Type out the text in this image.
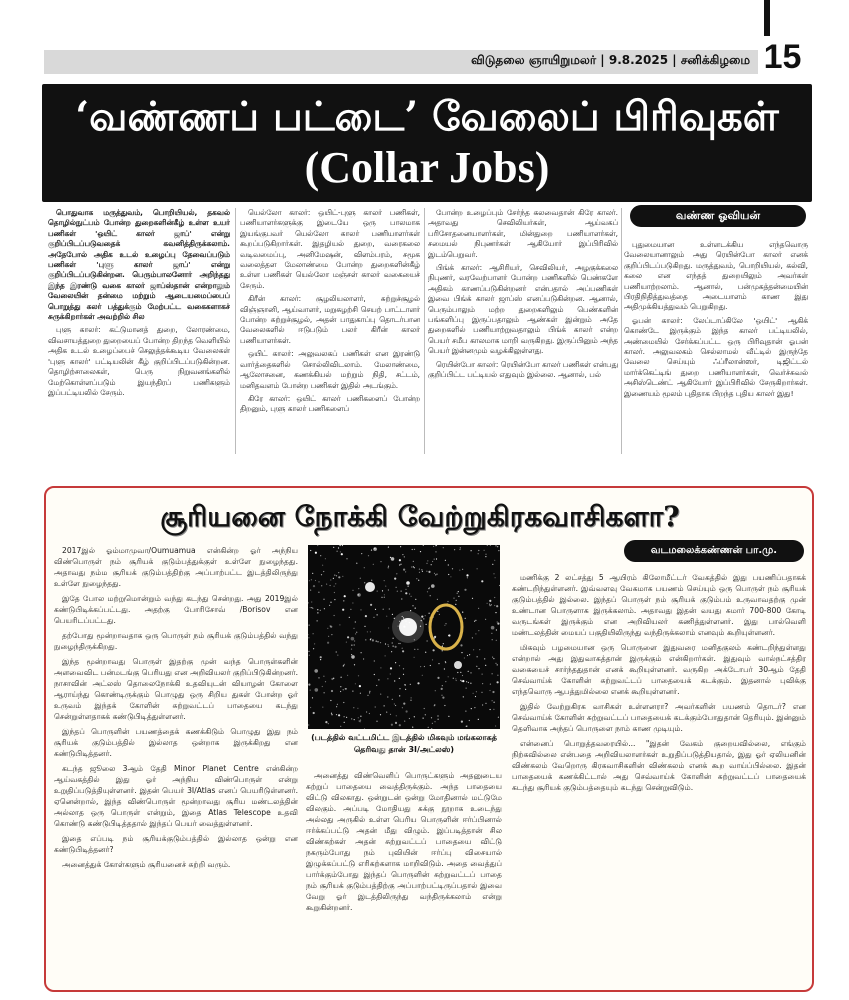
விடுதலை ஞாயிறுமலர் | 9.8.2025 | சனிக்கிழமை 15
‘வண்ணப் பட்டை’ வேலைப் பிரிவுகள்
(Collar Jobs)

பொதுவாக மருத்துவம், பொறியியல், தகவல் தொழில்நுட்பம் போன்ற துறைகளின்கீழ் உள்ள உயர் பணிகள் 'ஒயிட் காலர் ஜாப்' என்று குறிப்பிடப்படுவதைக் கவனித்திருக்கலாம். அதேபோல் அதிக உடல் உழைப்பு தேவைப்படும் பணிகள் 'புளு காலர் ஜாப்' என்று குறிப்பிடப்படுகின்றன. பெரும்பாலனோர் அறிந்தது இந்த இரண்டு வகை காலர் ஜாப்ஸ்தான் என்றாலும் வேலையின் தன்மை மற்றும் ஆடையமைப்பைப் பொறுத்து கலர் பத்துக்கும் மேற்பட்ட வகைகளாகச் சுருக்கிறார்கள் அவற்றில் சில

புளு காலர்: கட்டுமானத் துறை, லோரண்மை, விவசாயத்துறை துறையைப் போன்ற திறந்த வெளியில் அதிக உடல் உழைப்பைச் செலுத்தக்கூடிய வேலைகள் 'புளு காலர்' பட்டியலின் கீழ் குறிப்பிடப்படுகின்றன. தொழிற்சாலைகள், பெரு நிறுவனங்களில் மேற்கொள்ளப்படும் இயந்திரப் பணிகளும் இப்பட்டியலில் சேரும்.

யெல்லோ காலர்: ஒயிட்-புளு காலர் பணிகள், பணியாளர்களுக்கு இடையே ஒரு பாலமாக இயங்குபவர் யெல்லோ காலர் பணியாளர்கள் கூறப்படுகிறார்கள். இதழியல் துறை, வரைகலை வடிவமைப்பு, அனிமேஷன், விளம்பரம், சமூக வலைத்தள மேலாண்மை போன்ற துறைகளின்கீழ் உள்ள பணிகள் யெல்லோ மஞ்சள் காலர் வகையைச் சேரும்.

கிரீன் காலர்: சூழலியலாளர், சுற்றுச்சூழல் விஞ்ஞானி, ஆய்வாளர், மறுசுழற்சி செயற் பாட்டாளர் போன்ற சுற்றுச்சூழல், அதன் பாதுகாப்பு தொடர்பான வேலைகளில் ஈடுபடும் பலர் கிரீன் காலர் பணியாளர்கள்.

ஒயிட் காலர்: அலுவலகப் பணிகள் என இரண்டு வார்த்தைகளில் சொல்லிவிடலாம். மேலாண்மை, ஆலோசனை, கணக்கியல் மற்றும் நிதி, சட்டம், மனிதவளம் போன்ற பணிகள் இதில் அடங்கும்.

கிரே காலர்: ஒயிட் காலர் பணிகளைப் போன்ற திறனும், புளு காலர் பணிகளைப்

போன்ற உழைப்பும் சேர்ந்த கலவைதான் கிரே காலர். அதாவது செவிலியர்கள், ஆய்வகப் பரிசோதனையாளர்கள், மின்துறை பணியாளர்கள், சமையல் நிபுணர்கள் ஆகியோர் இப்பிரிவில் இடம்பெறுவர்.

பிங்க் காலர்: ஆசிரியர், செவிலியர், அழகுக்கலை நிபுணர், வரவேற்பாளர் போன்ற பணிகளில் பெண்களே அதிகம் காணப்படுகின்றனர் என்பதால் அப்பணிகள் இவை பிங்க் காலர் ஜாப்ஸ் எனப்படுகின்றன. ஆனால், பெரும்பாலும் மற்ற துறைகளிலும் பெண்களின் பங்களிப்பு இருப்பதாலும் ஆண்கள் இன்றும் அதே துறைகளில் பணியாற்றுவதாலும் பிங்க் காலர் என்ற பெயர் சமீப காலமாக மாறி வருகிறது. இருப்பினும் அந்த பெயர் இன்னமும் வழக்கிலுள்ளது.

ரெயின்போ காலர்: ரெயின்போ காலர் பணிகள் என்பது குறிப்பிட்ட பட்டியல் எதுவும் இல்லை. ஆனால், பல்

வண்ண ஓவியன்

புதுமையான உள்ளடக்கிய எந்தவொரு வேலையானாலும் அது ரெயின்போ காலர் எனக் குறிப்பிடப்படுகிறது. மருத்துவம், பொறியியல், கல்வி, கலை என எந்தத் துறையிலும் அவர்கள் பணியாற்றலாம். ஆனால், பன்முகத்தன்மையின் பிரதிநிதித்துவத்தை அடையாளம் காண இது அதிமுக்கியத்துவம் பெறுகிறது.

ஓபன் காலர்: லேப்டாப்கிலே 'ஒயிட்' ஆகிக் கொண்டே இருக்கும் இந்த காலர் பட்டியலில், அண்மையில் சேர்க்கப்பட்ட ஒரு பிரிவுதான் ஓபன் காலர். அலுவலகம் செல்லாமல் வீட்டில் இருந்தே வேலை செய்யும் ஃப்ரீலான்ஸர், டிஜிட்டல் மார்க்கெட்டிங் துறை பணியாளர்கள், வெர்ச்சுவல் அசிஸ்டெண்ட் ஆகியோர் இப்பிரிவில் சேருகிறார்கள். இணையம் மூலம் புதிதாக பிறந்த புதிய காலர் இது!

சூரியனை நோக்கி வேற்றுகிரகவாசிகளா?
வடமலைக்கண்ணன் பா.மு.

2017இல் ஓம்மாமுவா/Oumuamua என்கின்ற ஓர் அந்நிய விண்பொருள் நம் சூரியக் குடும்பத்துக்குள் உள்ளே நுழைந்தது. அதாவது நம்ம சூரியக் குடும்பத்திற்கு அப்பாற்பட்ட இடத்திலிருந்து உள்ளே நுழைந்தது.

இதே போல மற்றுமொன்றும் வந்து கடந்து சென்றது. அது 2019இல் கண்டுபிடிக்கப்பட்டது. அதற்கு போரிசோவ் /Borisov என பெயரிடப்பட்டது.

தற்போது மூன்றாவதாக ஒரு பொருள் நம் சூரியக் குடும்பத்தில் வந்து நுழைந்திருக்கிறது.

இந்த மூன்றாவது பொருள் இதற்கு முன் வந்த பொருள்களின் அளவைவிட பன்மடங்கு பெரியது என அறிவியலர் குறிப்பிடுகின்றனர். நாசாவின் அட்லஸ் தொலைநோக்கி உதவியுடன் வியாழன் கோளை ஆராய்ந்து கொண்டிருக்கும் பொழுது ஒரு சிறிய துகள் போன்ற ஓர் உருவம் இந்தக் கோளின் சுற்றுவட்டப் பாதையை கடந்து சென்றுள்ளதாகக் கண்டுபிடித்துள்ளனர்.

இந்தப் பொருளின் பயணத்தைக் கணக்கிடும் பொழுது இது நம் சூரியக் குடும்பத்தில் இல்லாத ஒன்றாக இருக்கிறது என கண்டுபிடித்தனர்.

கடந்த ஜூலை 3ஆம் தேதி Minor Planet Centre என்கின்ற ஆய்வகத்தில் இது ஓர் அந்நிய விண்பொருள் என்று உறுதிப்படுத்தியுள்ளனர். இதன் பெயர் 3I/Atlas எனப் பெயரிடுள்ளனர். ஏனென்றால், இந்த விண்பொருள் மூன்றாவது சூரிய மண்டலத்தின் அல்லாத ஒரு பொருள் என்றும், இதை Atlas Telescope உதவி கொண்டு கண்டுபிடித்ததால் இந்தப் பெயர் வைத்துள்ளனர்.

இதை எப்படி நம் சூரியக்குடும்பத்தில் இல்லாத ஒன்று என கண்டுபிடித்தனர்?

அனைத்துக் கோள்களும் சூரியனைச் சுற்றி வரும்.

(படத்தில் வட்டமிட்ட இடத்தில் மிகவும் மங்கலாகத் தெரிவது தான் 3I/அட்லஸ்)

அனைத்து விண்வெளிப் பொருட்களும் அதனுடைய சுற்றுப் பாதையை வைத்திருக்கும். அந்த பாதையை விட்டு விலகாது. ஒன்றுடன் ஒன்று மோதினால் மட்டுமே விலகும். அப்படி மோதியது சுக்கு நூறாக உடைந்து அல்லது அருகில் உள்ள பெரிய பொருளின் ஈர்ப்பினால் ஈர்க்கப்பட்டு அதன் மீது விழும். இப்படித்தான் சில விண்கற்கள் அதன் சுற்றுவட்டப் பாதையை விட்டு நகரும்போது நம் புவியின் ஈர்ப்பு விசையால் இழுக்கப்பட்டு எரிகற்களாக மாறிவிடும். அதை வைத்துப் பார்க்கும்போது இந்தப் பொருளின் சுற்றுவட்டப் பாதை நம் சூரியக் குடும்பத்திற்கு அப்பாற்பட்டிருப்பதால் இவை வேறு ஓர் இடத்திலிருந்து வந்திருக்கலாம் என்று கூறுகின்றனர்.

மணிக்கு 2 லட்சத்து 5 ஆயிரம் கிலோமீட்டர் வேகத்தில் இது பயணிப்பதாகக் கண்டறிந்துள்ளனர். இவ்வளவு வேகமாக பயணம் செய்யும் ஒரு பொருள் நம் சூரியக் குடும்பத்தில் இல்லை. இந்தப் பொருள் நம் சூரியக் குடும்பம் உருவாவதற்கு முன் உண்டான பொருளாக இருக்கலாம். அதாவது இதன் வயது சுமார் 700-800 கோடி வருடங்கள் இருக்கும் என அறிவியலர் கணித்துள்ளனர். இது பால்வெளி மண்டலத்தின் மையப் பகுதியிலிருந்து வந்திருக்கலாம் எனவும் கூறியுள்ளனர்.

மிகவும் பழமையான ஒரு பொருளை இதுவரை மனிதகுலம் கண்டறிந்துள்ளது என்றால் அது இதுவாகத்தான் இருக்கும் என்கிறார்கள். இதுவும் வால்நட்சத்திர வகையைச் சார்ந்ததுதான் எனக் கூறியுள்ளனர். வருகிற அக்டோபர் 30ஆம் தேதி செவ்வாய்க் கோளின் சுற்றுவட்டப் பாதையைக் கடக்கும். இதனால் புவிக்கு எந்தவொரு ஆபத்துமில்லை எனக் கூறியுள்ளனர்.

இதில் வேற்றுகிரக வாசிகள் உள்ளனரா? அவர்களின் பயணம் தொடர்? என செவ்வாய்க் கோளின் சுற்றுவட்டப் பாதையைக் கடக்கும்போதுதான் தெரியும். இன்னும் தெளிவாக அந்தப் பொருளை நாம் காண முடியும்.

என்னைப் பொறுத்தவரையில்... "இதன் வேகம் குறையவில்லை, எங்கும் நிற்கவில்லை என்பதை அறிவியலாளர்கள் உறுதிப்படுத்தியதால், இது ஓர் ஏலியனின் விண்கலம் வேறொரு கிரகவாசிகளின் விண்கலம் எனக் கூற வாய்ப்பில்லை. இதன் பாதையைக் கணக்கிட்டால் அது செவ்வாய்க் கோளின் சுற்றுவட்டப் பாதையைக் கடந்து சூரியக் குடும்பத்தையும் கடந்து சென்றுவிடும்.
